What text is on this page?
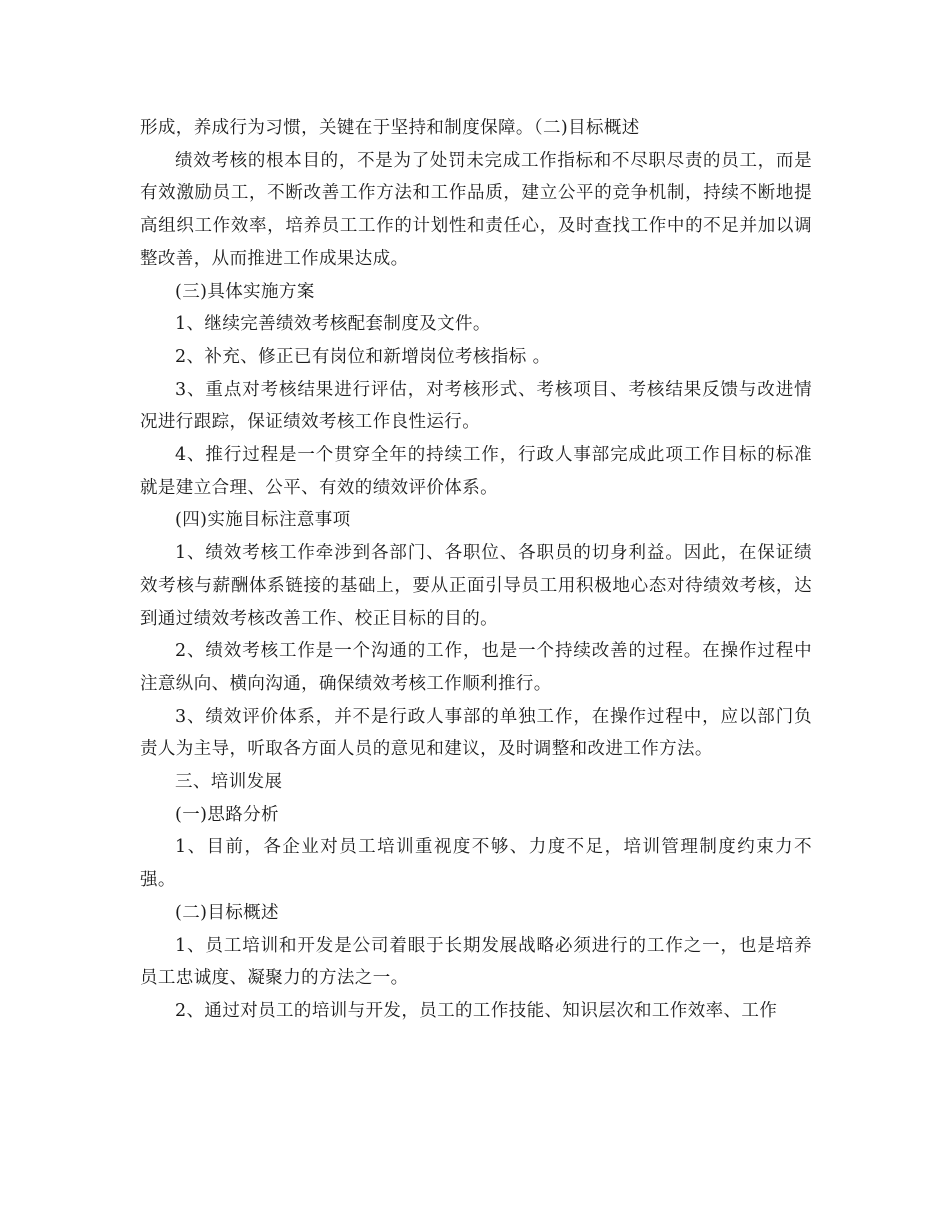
形成，养成行为习惯，关键在于坚持和制度保障。（二)目标概述

绩效考核的根本目的，不是为了处罚未完成工作指标和不尽职尽责的员工，而是有效激励员工，不断改善工作方法和工作品质，建立公平的竞争机制，持续不断地提高组织工作效率，培养员工工作的计划性和责任心，及时查找工作中的不足并加以调整改善，从而推进工作成果达成。

(三)具体实施方案

1、继续完善绩效考核配套制度及文件。

2、补充、修正已有岗位和新增岗位考核指标 。

3、重点对考核结果进行评估，对考核形式、考核项目、考核结果反馈与改进情况进行跟踪，保证绩效考核工作良性运行。

4、推行过程是一个贯穿全年的持续工作，行政人事部完成此项工作目标的标准就是建立合理、公平、有效的绩效评价体系。

(四)实施目标注意事项

1、绩效考核工作牵涉到各部门、各职位、各职员的切身利益。因此，在保证绩效考核与薪酬体系链接的基础上，要从正面引导员工用积极地心态对待绩效考核，达到通过绩效考核改善工作、校正目标的目的。

2、绩效考核工作是一个沟通的工作，也是一个持续改善的过程。在操作过程中注意纵向、横向沟通，确保绩效考核工作顺利推行。

3、绩效评价体系，并不是行政人事部的单独工作，在操作过程中，应以部门负责人为主导，听取各方面人员的意见和建议，及时调整和改进工作方法。

三、培训发展

(一)思路分析

1、目前，各企业对员工培训重视度不够、力度不足，培训管理制度约束力不强。

(二)目标概述

1、员工培训和开发是公司着眼于长期发展战略必须进行的工作之一，也是培养员工忠诚度、凝聚力的方法之一。

2、通过对员工的培训与开发，员工的工作技能、知识层次和工作效率、工作
